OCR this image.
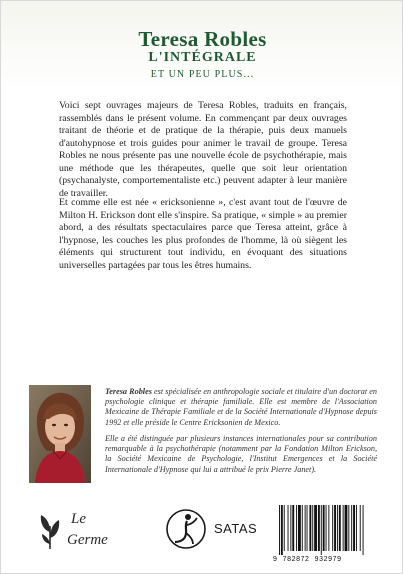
Teresa Robles
L'INTÉGRALE
ET UN PEU PLUS...

Voici sept ouvrages majeurs de Teresa Robles, traduits en français, rassemblés dans le présent volume. En commençant par deux ouvrages traitant de théorie et de pratique de la thérapie, puis deux manuels d'autohypnose et trois guides pour animer le travail de groupe. Teresa Robles ne nous présente pas une nouvelle école de psychothérapie, mais une méthode que les thérapeutes, quelle que soit leur orientation (psychanalyste, comportementaliste etc.) peuvent adapter à leur manière de travailler.

Et comme elle est née « ericksonienne », c'est avant tout de l'œuvre de Milton H. Erickson dont elle s'inspire. Sa pratique, « simple » au premier abord, a des résultats spectaculaires parce que Teresa atteint, grâce à l'hypnose, les couches les plus profondes de l'homme, là où siègent les éléments qui structurent tout individu, en évoquant des situations universelles partagées par tous les êtres humains.

Teresa Robles est spécialisée en anthropologie sociale et titulaire d'un doctorat en psychologie clinique et thérapie familiale. Elle est membre de l'Association Mexicaine de Thérapie Familiale et de la Société Internationale d'Hypnose depuis 1992 et elle préside le Centre Ericksonien de Mexico.

Elle a été distinguée par plusieurs instances internationales pour sa contribution remarquable à la psychothérapie (notamment par la Fondation Milton Erickson, la Société Mexicaine de Psychologie, l'Institut Emergences et la Société Internationale d'Hypnose qui lui a attribué le prix Pierre Janet).

Le
Germe
SATAS
9 782872 932979
